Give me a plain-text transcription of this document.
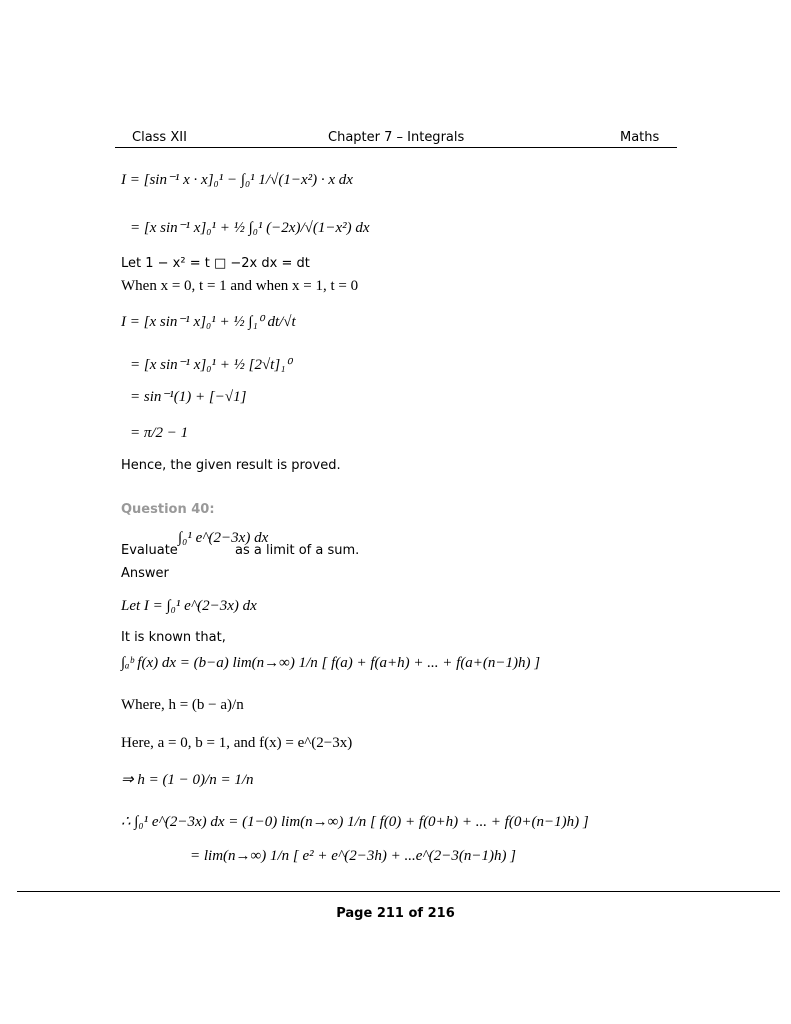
Class XII	Chapter 7 – Integrals	Maths
I = [sin⁻¹ x · x]₀¹ − ∫₀¹ 1/√(1−x²) · x dx
= [x sin⁻¹ x]₀¹ + ½ ∫₀¹ (−2x)/√(1−x²) dx
Let 1 − x² = t □ −2x dx = dt
When x = 0, t = 1 and when x = 1, t = 0
I = [x sin⁻¹ x]₀¹ + ½ ∫₁⁰ dt/√t
= [x sin⁻¹ x]₀¹ + ½ [2√t]₁⁰
= sin⁻¹(1) + [−√1]
= π/2 − 1
Hence, the given result is proved.
Question 40:
Evaluate
∫₀¹ e^(2−3x) dx
as a limit of a sum.
Answer
Let I = ∫₀¹ e^(2−3x) dx
It is known that,
∫ₐᵇ f(x) dx = (b−a) lim(n→∞) 1/n [ f(a) + f(a+h) + ... + f(a+(n−1)h) ]
Where, h = (b − a)/n
Here, a = 0, b = 1, and f(x) = e^(2−3x)
⇒ h = (1 − 0)/n = 1/n
∴ ∫₀¹ e^(2−3x) dx = (1−0) lim(n→∞) 1/n [ f(0) + f(0+h) + ... + f(0+(n−1)h) ]
= lim(n→∞) 1/n [ e² + e^(2−3h) + ...e^(2−3(n−1)h) ]
Page 211 of 216
